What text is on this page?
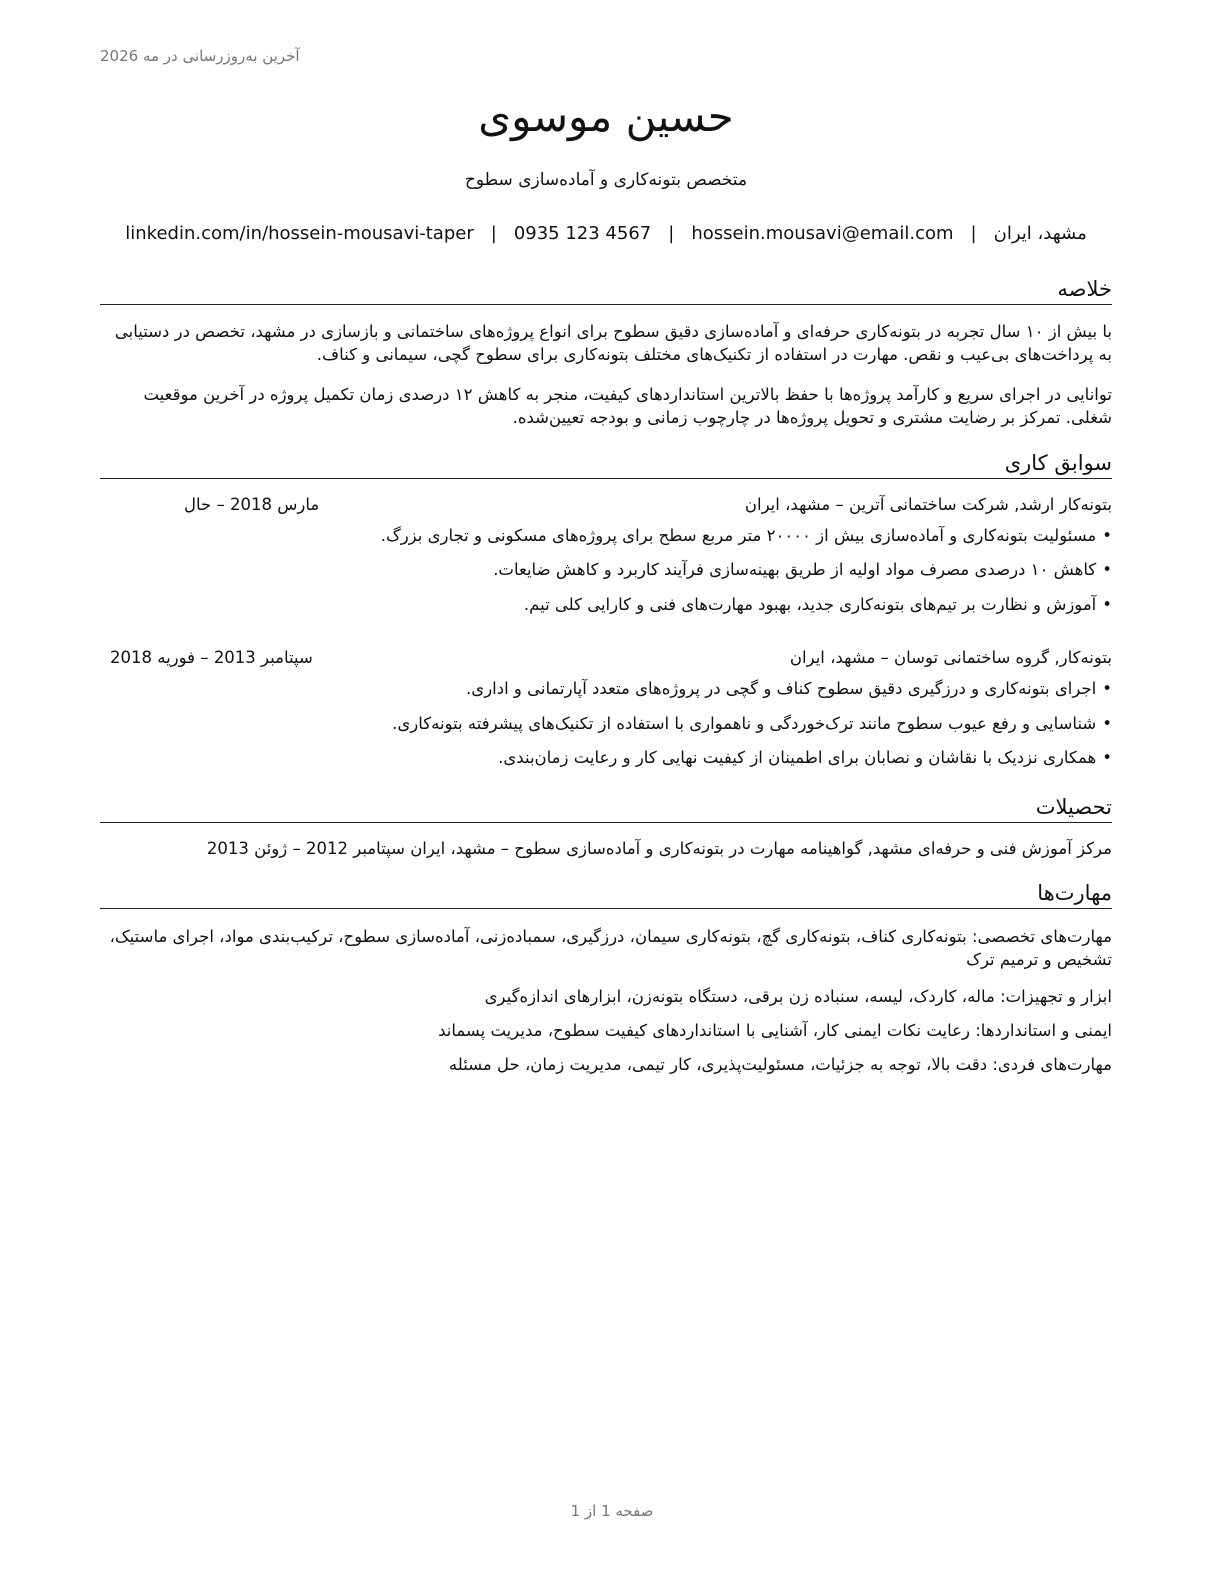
آخرین به‌روزرسانی در مه 2026
حسین موسوی
متخصص بتونه‌کاری و آماده‌سازی سطوح
مشهد، ایران
|
hossein.mousavi@email.com
|
0935 123 4567
|
linkedin.com/in/hossein-mousavi-taper
خلاصه
با بیش از ۱۰ سال تجربه در بتونه‌کاری حرفه‌ای و آماده‌سازی دقیق سطوح برای انواع پروژه‌های ساختمانی و بازسازی در مشهد، تخصص در دستیابی به پرداخت‌های بی‌عیب و نقص. مهارت در استفاده از تکنیک‌های مختلف بتونه‌کاری برای سطوح گچی، سیمانی و کناف.
توانایی در اجرای سریع و کارآمد پروژه‌ها با حفظ بالاترین استانداردهای کیفیت، منجر به کاهش ۱۲ درصدی زمان تکمیل پروژه در آخرین موقعیت شغلی. تمرکز بر رضایت مشتری و تحویل پروژه‌ها در چارچوب زمانی و بودجه تعیین‌شده.
سوابق کاری
بتونه‌کار ارشد, شرکت ساختمانی آترین – مشهد، ایران
مارس 2018 – حال
•مسئولیت بتونه‌کاری و آماده‌سازی بیش از ۲۰۰۰۰ متر مربع سطح برای پروژه‌های مسکونی و تجاری بزرگ.
•کاهش ۱۰ درصدی مصرف مواد اولیه از طریق بهینه‌سازی فرآیند کاربرد و کاهش ضایعات.
•آموزش و نظارت بر تیم‌های بتونه‌کاری جدید، بهبود مهارت‌های فنی و کارایی کلی تیم.
بتونه‌کار, گروه ساختمانی توسان – مشهد، ایران
سپتامبر 2013 – فوریه 2018
•اجرای بتونه‌کاری و درزگیری دقیق سطوح کناف و گچی در پروژه‌های متعدد آپارتمانی و اداری.
•شناسایی و رفع عیوب سطوح مانند ترک‌خوردگی و ناهمواری با استفاده از تکنیک‌های پیشرفته بتونه‌کاری.
•همکاری نزدیک با نقاشان و نصابان برای اطمینان از کیفیت نهایی کار و رعایت زمان‌بندی.
تحصیلات
مرکز آموزش فنی و حرفه‌ای مشهد, گواهینامه مهارت در بتونه‌کاری و آماده‌سازی سطوح – مشهد، ایران سپتامبر 2012 – ژوئن 2013
مهارت‌ها
مهارت‌های تخصصی: بتونه‌کاری کناف، بتونه‌کاری گچ، بتونه‌کاری سیمان، درزگیری، سمباده‌زنی، آماده‌سازی سطوح، ترکیب‌بندی مواد، اجرای ماستیک، تشخیص و ترمیم ترک
ابزار و تجهیزات: ماله، کاردک، لیسه، سنباده زن برقی، دستگاه بتونه‌زن، ابزارهای اندازه‌گیری
ایمنی و استانداردها: رعایت نکات ایمنی کار، آشنایی با استانداردهای کیفیت سطوح، مدیریت پسماند
مهارت‌های فردی: دقت بالا، توجه به جزئیات، مسئولیت‌پذیری، کار تیمی، مدیریت زمان، حل مسئله
صفحه 1 از 1
